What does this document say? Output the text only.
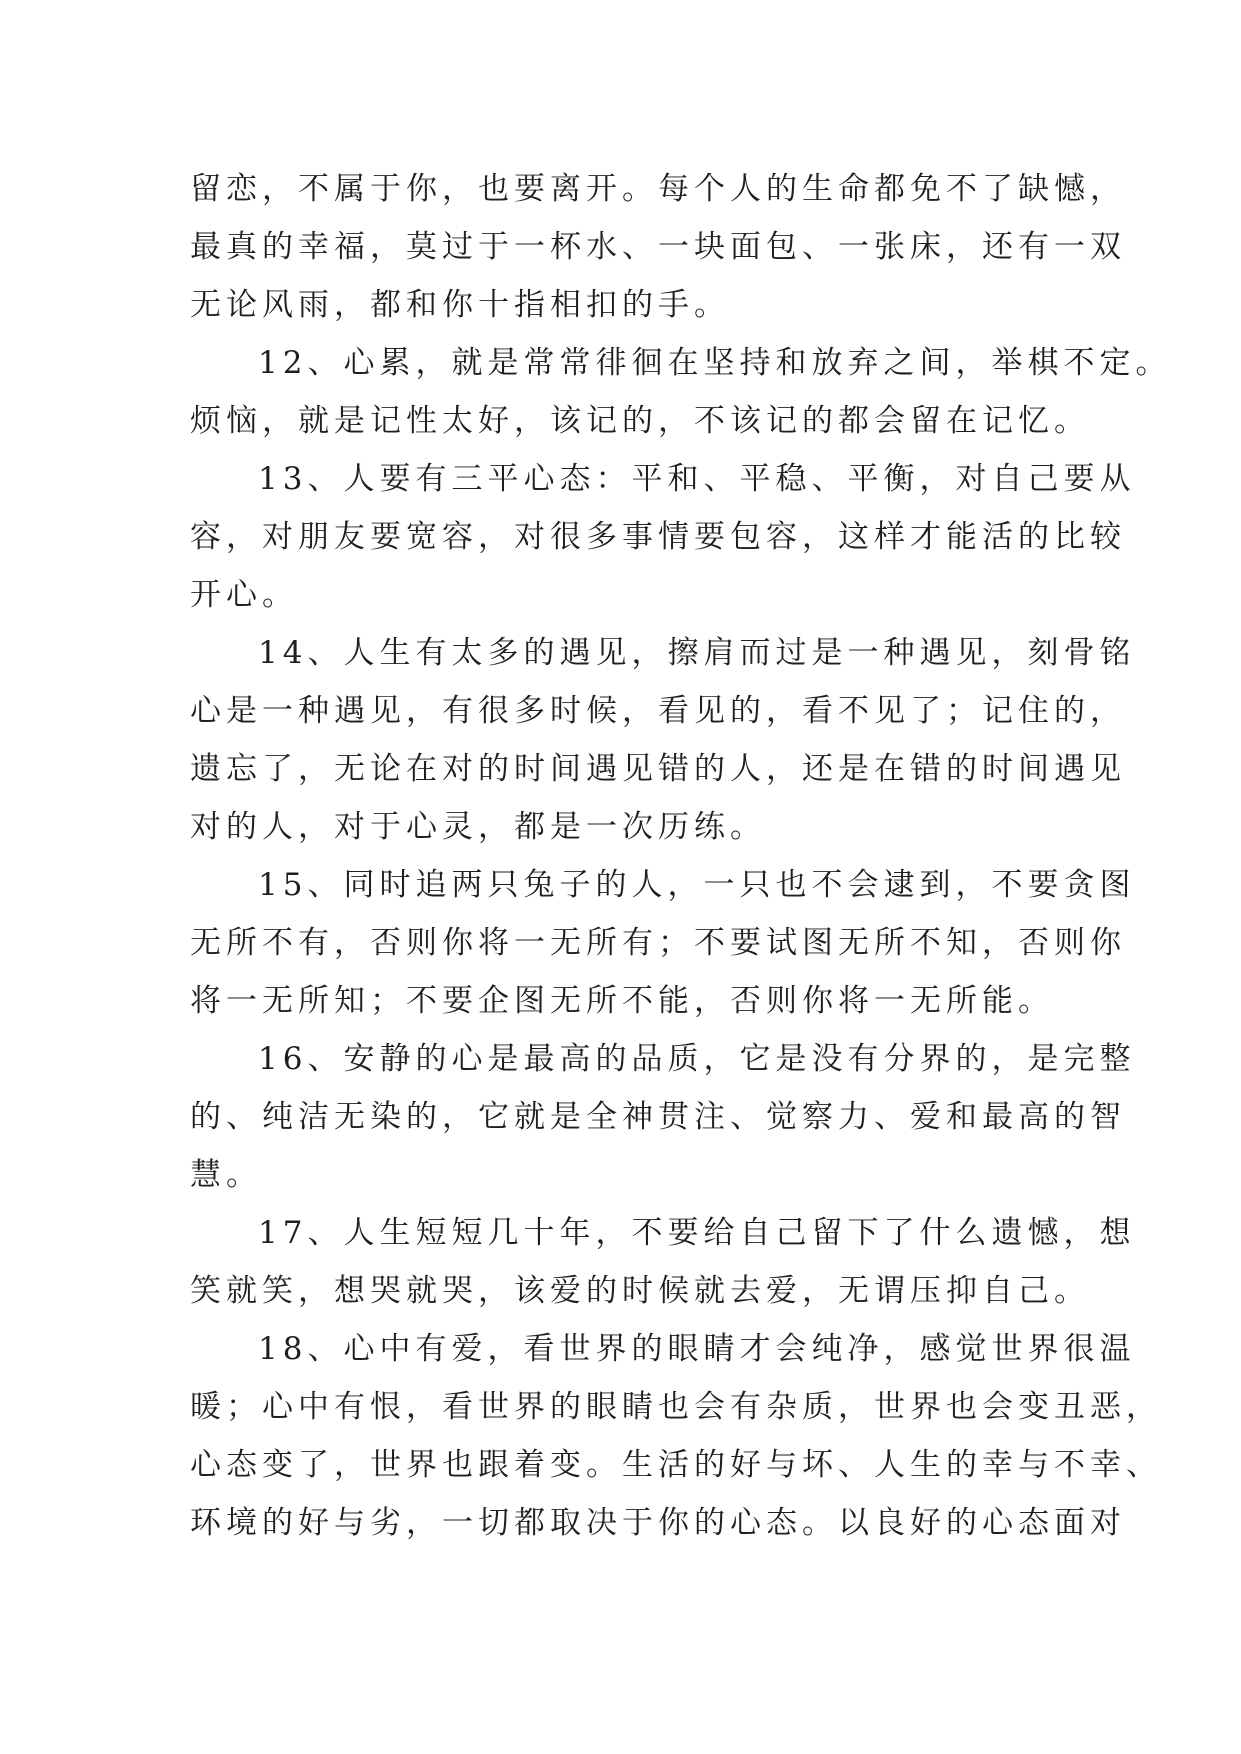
留恋，不属于你，也要离开。每个人的生命都免不了缺憾，
最真的幸福，莫过于一杯水、一块面包、一张床，还有一双
无论风雨，都和你十指相扣的手。
12、心累，就是常常徘徊在坚持和放弃之间，举棋不定。
烦恼，就是记性太好，该记的，不该记的都会留在记忆。
13、人要有三平心态：平和、平稳、平衡，对自己要从
容，对朋友要宽容，对很多事情要包容，这样才能活的比较
开心。
14、人生有太多的遇见，擦肩而过是一种遇见，刻骨铭
心是一种遇见，有很多时候，看见的，看不见了；记住的，
遗忘了，无论在对的时间遇见错的人，还是在错的时间遇见
对的人，对于心灵，都是一次历练。
15、同时追两只兔子的人，一只也不会逮到，不要贪图
无所不有，否则你将一无所有；不要试图无所不知，否则你
将一无所知；不要企图无所不能，否则你将一无所能。
16、安静的心是最高的品质，它是没有分界的，是完整
的、纯洁无染的，它就是全神贯注、觉察力、爱和最高的智
慧。
17、人生短短几十年，不要给自己留下了什么遗憾，想
笑就笑，想哭就哭，该爱的时候就去爱，无谓压抑自己。
18、心中有爱，看世界的眼睛才会纯净，感觉世界很温
暖；心中有恨，看世界的眼睛也会有杂质，世界也会变丑恶，
心态变了，世界也跟着变。生活的好与坏、人生的幸与不幸、
环境的好与劣，一切都取决于你的心态。以良好的心态面对
